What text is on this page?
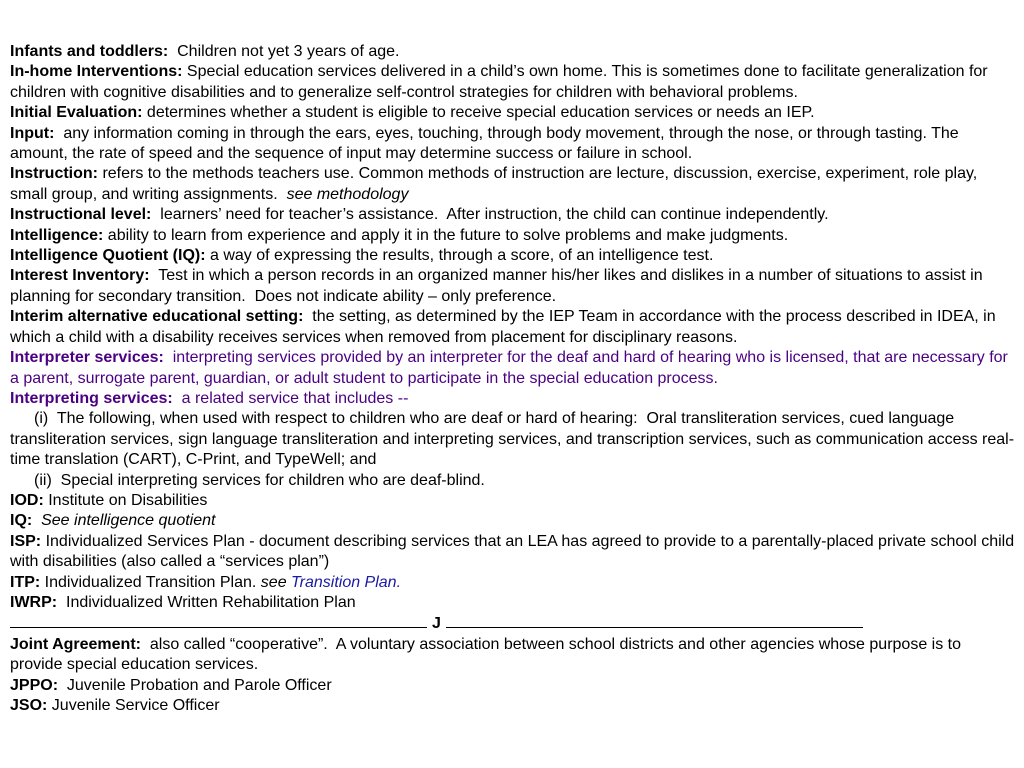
Infants and toddlers:  Children not yet 3 years of age.

In-home Interventions: Special education services delivered in a child’s own home. This is sometimes done to facilitate generalization for children with cognitive disabilities and to generalize self-control strategies for children with behavioral problems.

Initial Evaluation: determines whether a student is eligible to receive special education services or needs an IEP.

Input:  any information coming in through the ears, eyes, touching, through body movement, through the nose, or through tasting. The amount, the rate of speed and the sequence of input may determine success or failure in school.

Instruction: refers to the methods teachers use. Common methods of instruction are lecture, discussion, exercise, experiment, role play, small group, and writing assignments.  see methodology

Instructional level:  learners’ need for teacher’s assistance.  After instruction, the child can continue independently.

Intelligence: ability to learn from experience and apply it in the future to solve problems and make judgments.

Intelligence Quotient (IQ): a way of expressing the results, through a score, of an intelligence test.

Interest Inventory:  Test in which a person records in an organized manner his/her likes and dislikes in a number of situations to assist in planning for secondary transition.  Does not indicate ability – only preference.

Interim alternative educational setting:  the setting, as determined by the IEP Team in accordance with the process described in IDEA, in which a child with a disability receives services when removed from placement for disciplinary reasons.

Interpreter services:  interpreting services provided by an interpreter for the deaf and hard of hearing who is licensed, that are necessary for a parent, surrogate parent, guardian, or adult student to participate in the special education process.

Interpreting services:  a related service that includes --

(i)  The following, when used with respect to children who are deaf or hard of hearing:  Oral transliteration services, cued language transliteration services, sign language transliteration and interpreting services, and transcription services, such as communication access real-time translation (CART), C-Print, and TypeWell; and

(ii)  Special interpreting services for children who are deaf-blind.

IOD: Institute on Disabilities

IQ: See intelligence quotient

ISP: Individualized Services Plan - document describing services that an LEA has agreed to provide to a parentally-placed private school child with disabilities (also called a “services plan”)

ITP: Individualized Transition Plan. see Transition Plan.

IWRP:  Individualized Written Rehabilitation Plan

J

Joint Agreement:  also called “cooperative”.  A voluntary association between school districts and other agencies whose purpose is to provide special education services.

JPPO:  Juvenile Probation and Parole Officer

JSO: Juvenile Service Officer
